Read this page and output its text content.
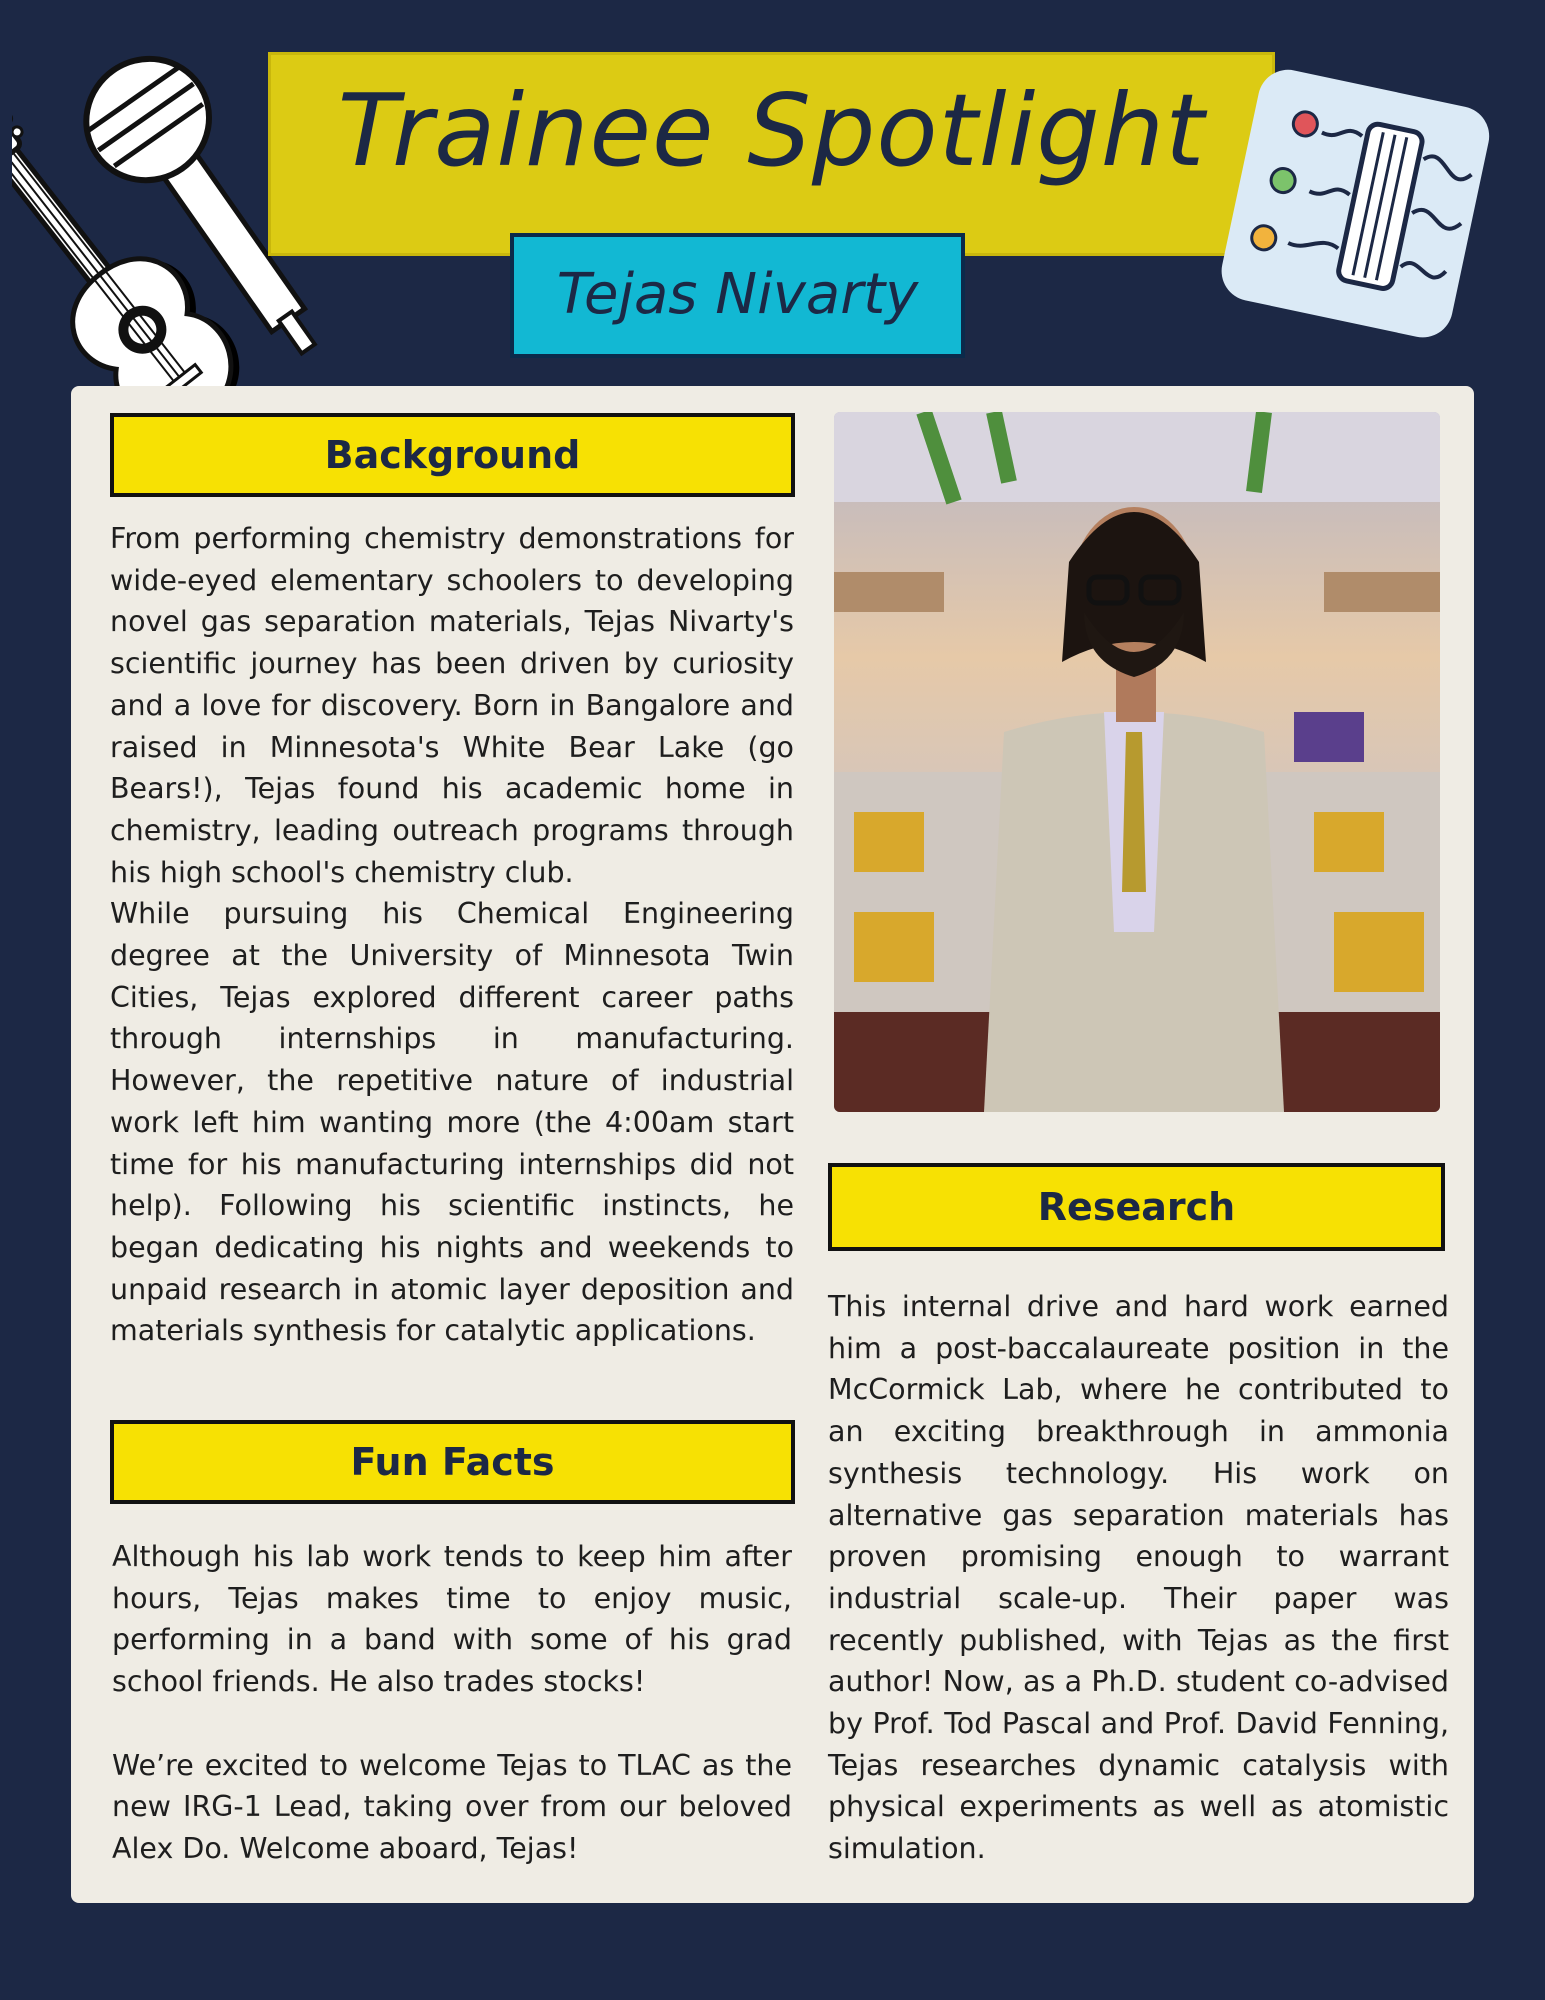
Trainee Spotlight
Tejas Nivarty
Background

From performing chemistry demonstrations for wide-eyed elementary schoolers to developing novel gas separation materials, Tejas Nivarty's scientific journey has been driven by curiosity and a love for discovery. Born in Bangalore and raised in Minnesota's White Bear Lake (go Bears!), Tejas found his academic home in chemistry, leading outreach programs through his high school's chemistry club.

While pursuing his Chemical Engineering degree at the University of Minnesota Twin Cities, Tejas explored different career paths through internships in manufacturing. However, the repetitive nature of industrial work left him wanting more (the 4:00am start time for his manufacturing internships did not help). Following his scientific instincts, he began dedicating his nights and weekends to unpaid research in atomic layer deposition and materials synthesis for catalytic applications.

Fun Facts

Although his lab work tends to keep him after hours, Tejas makes time to enjoy music, performing in a band with some of his grad school friends. He also trades stocks!

We’re excited to welcome Tejas to TLAC as the new IRG-1 Lead, taking over from our beloved Alex Do. Welcome aboard, Tejas!

Research

This internal drive and hard work earned him a post-baccalaureate position in the McCormick Lab, where he contributed to an exciting breakthrough in ammonia synthesis technology. His work on alternative gas separation materials has proven promising enough to warrant industrial scale-up. Their paper was recently published, with Tejas as the first author! Now, as a Ph.D. student co-advised by Prof. Tod Pascal and Prof. David Fenning, Tejas researches dynamic catalysis with physical experiments as well as atomistic simulation.
